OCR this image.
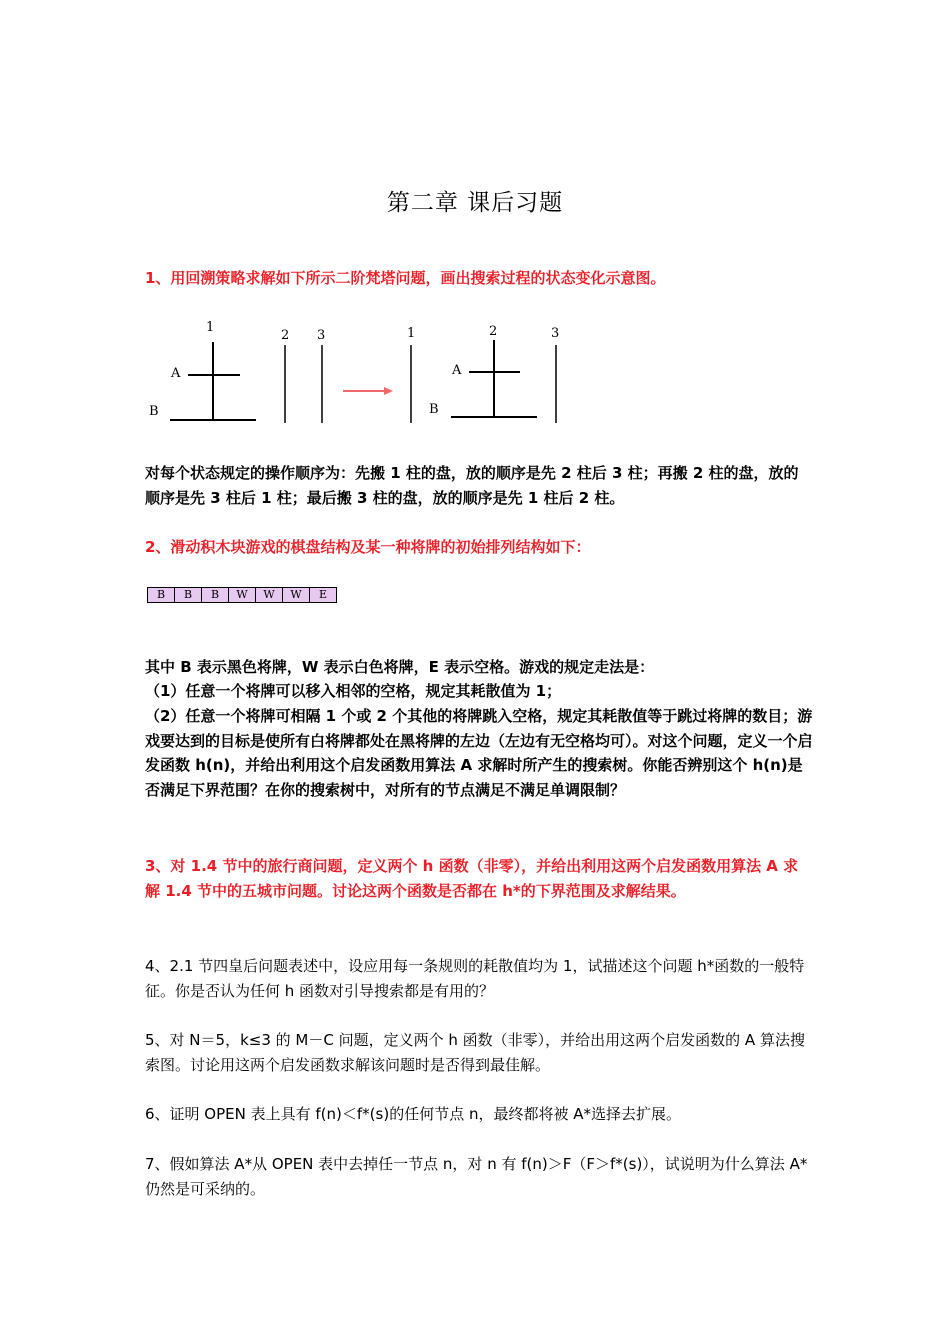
第二章 课后习题

1、用回溯策略求解如下所示二阶梵塔问题，画出搜索过程的状态变化示意图。

1
2 3
A
B
1	2	3
A
B

对每个状态规定的操作顺序为：先搬 1 柱的盘，放的顺序是先 2 柱后 3 柱；再搬 2 柱的盘，放的顺序是先 3 柱后 1 柱；最后搬 3 柱的盘，放的顺序是先 1 柱后 2 柱。

2、滑动积木块游戏的棋盘结构及某一种将牌的初始排列结构如下：

B	B	B	W	W	W	E

其中 B 表示黑色将牌，W 表示白色将牌，E 表示空格。游戏的规定走法是：

（1）任意一个将牌可以移入相邻的空格，规定其耗散值为 1；

（2）任意一个将牌可相隔 1 个或 2 个其他的将牌跳入空格，规定其耗散值等于跳过将牌的数目；游戏要达到的目标是使所有白将牌都处在黑将牌的左边（左边有无空格均可）。对这个问题，定义一个启发函数 h(n)，并给出利用这个启发函数用算法 A 求解时所产生的搜索树。你能否辨别这个 h(n)是否满足下界范围？在你的搜索树中，对所有的节点满足不满足单调限制？

3、对 1.4 节中的旅行商问题，定义两个 h 函数（非零），并给出利用这两个启发函数用算法 A 求解 1.4 节中的五城市问题。讨论这两个函数是否都在 h*的下界范围及求解结果。

4、2.1 节四皇后问题表述中，设应用每一条规则的耗散值均为 1，试描述这个问题 h*函数的一般特征。你是否认为任何 h 函数对引导搜索都是有用的？

5、对 N＝5，k≤3 的 M－C 问题，定义两个 h 函数（非零），并给出用这两个启发函数的 A 算法搜索图。讨论用这两个启发函数求解该问题时是否得到最佳解。

6、证明 OPEN 表上具有 f(n)＜f*(s)的任何节点 n，最终都将被 A*选择去扩展。

7、假如算法 A*从 OPEN 表中去掉任一节点 n，对 n 有 f(n)＞F（F＞f*(s)），试说明为什么算法 A*仍然是可采纳的。
